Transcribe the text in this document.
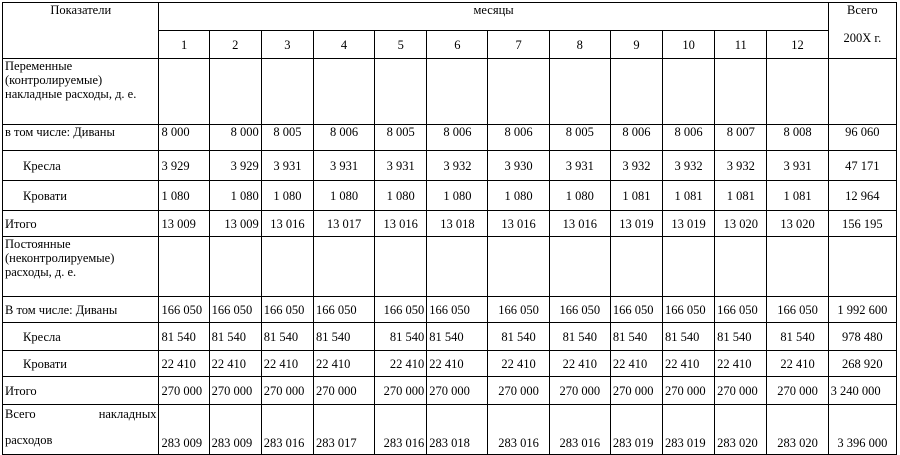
Показатели	месяцы												Всего
200Х г.

	1	2	3	4	5	6	7	8	9	10	11	12	
Переменные (контролируемые) накладные расходы, д. е.													
в том числе: Диваны	8 000	8 000	8 005	8 006	8 005	8 006	8 006	8 005	8 006	8 006	8 007	8 008	96 060
Кресла	3 929	3 929	3 931	3 931	3 931	3 932	3 930	3 931	3 932	3 932	3 932	3 931	47 171
Кровати	1 080	1 080	1 080	1 080	1 080	1 080	1 080	1 080	1 081	1 081	1 081	1 081	12 964
Итого	13 009	13 009	13 016	13 017	13 016	13 018	13 016	13 016	13 019	13 019	13 020	13 020	156 195
Постоянные (неконтролируемые) расходы, д. е.													
В том числе: Диваны	166 050	166 050	166 050	166 050	166 050	166 050	166 050	166 050	166 050	166 050	166 050	166 050	1 992 600
Кресла	81 540	81 540	81 540	81 540	81 540	81 540	81 540	81 540	81 540	81 540	81 540	81 540	978 480
Кровати	22 410	22 410	22 410	22 410	22 410	22 410	22 410	22 410	22 410	22 410	22 410	22 410	268 920
Итого	270 000	270 000	270 000	270 000	270 000	270 000	270 000	270 000	270 000	270 000	270 000	270 000	3 240 000

Всего накладных
расходов	283 009	283 009	283 016	283 017	283 016	283 018	283 016	283 016	283 019	283 019	283 020	283 020	3 396 000
